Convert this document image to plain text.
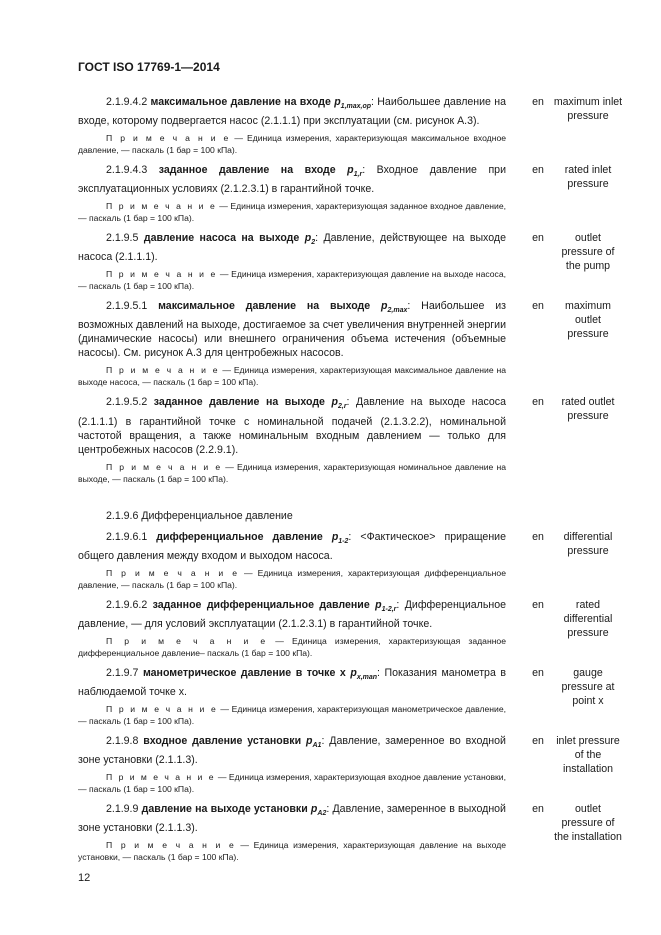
ГОСТ ISO 17769-1—2014
2.1.9.4.2 максимальное давление на входе $p_{1,max,op}$: Наибольшее давление на входе, которому подвергается насос (2.1.1.1) при эксплуатации (см. рисунок А.3).
П р и м е ч а н и е — Единица измерения, характеризующая максимальное входное давление, — паскаль (1 бар = 100 кПа).
en maximum inlet pressure
2.1.9.4.3 заданное давление на входе $p_{1,r}$: Входное давление при эксплуатационных условиях (2.1.2.3.1) в гарантийной точке.
П р и м е ч а н и е — Единица измерения, характеризующая заданное входное давление, — паскаль (1 бар = 100 кПа).
en	rated inlet pressure
2.1.9.5 давление насоса на выходе $p_2$: Давление, действующее на выходе насоса (2.1.1.1).
П р и м е ч а н и е — Единица измерения, характеризующая давление на выходе насоса, — паскаль (1 бар = 100 кПа).
en	outlet pressure of the pump
2.1.9.5.1 максимальное давление на выходе $p_{2,max}$: Наибольшее из возможных давлений на выходе, достигаемое за счет увеличения внутренней энергии (динамические насосы) или внешнего ограничения объема истечения (объемные насосы). См. рисунок А.3 для центробежных насосов.
П р и м е ч а н и е — Единица измерения, характеризующая максимальное давление на выходе насоса, — паскаль (1 бар = 100 кПа).
en	maximum outlet pressure
2.1.9.5.2 заданное давление на выходе $p_{2,r}$: Давление на выходе насоса (2.1.1.1) в гарантийной точке с номинальной подачей (2.1.3.2.2), номинальной частотой вращения, а также номинальным входным давлением — только для центробежных насосов (2.2.9.1).
П р и м е ч а н и е — Единица измерения, характеризующая номинальное давление на выходе, — паскаль (1 бар = 100 кПа).
en	rated outlet pressure
2.1.9.6 Дифференциальное давление
2.1.9.6.1 дифференциальное давление $p_{1-2}$: <Фактическое> приращение общего давления между входом и выходом насоса.
П р и м е ч а н и е — Единица измерения, характеризующая дифференциальное давление, — паскаль (1 бар = 100 кПа).
en	differential pressure
2.1.9.6.2 заданное дифференциальное давление $p_{1-2,r}$: Дифференциальное давление, — для условий эксплуатации (2.1.2.3.1) в гарантийной точке.
П р и м е ч а н и е — Единица измерения, характеризующая заданное дифференциальное давление– паскаль (1 бар = 100 кПа).
en	rated differential pressure
2.1.9.7 манометрическое давление в точке x $p_{x,man}$: Показания манометра в наблюдаемой точке x.
П р и м е ч а н и е — Единица измерения, характеризующая манометрическое давление, — паскаль (1 бар = 100 кПа).
en	gauge pressure at point x
2.1.9.8 входное давление установки $p_{A1}$: Давление, замеренное во входной зоне установки (2.1.1.3).
П р и м е ч а н и е — Единица измерения, характеризующая входное давление установки, — паскаль (1 бар = 100 кПа).
en	inlet pressure of the installation
2.1.9.9 давление на выходе установки $p_{A2}$: Давление, замеренное в выходной зоне установки (2.1.1.3).
П р и м е ч а н и е — Единица измерения, характеризующая давление на выходе установки, — паскаль (1 бар = 100 кПа).
en	outlet pressure of the installation
12
